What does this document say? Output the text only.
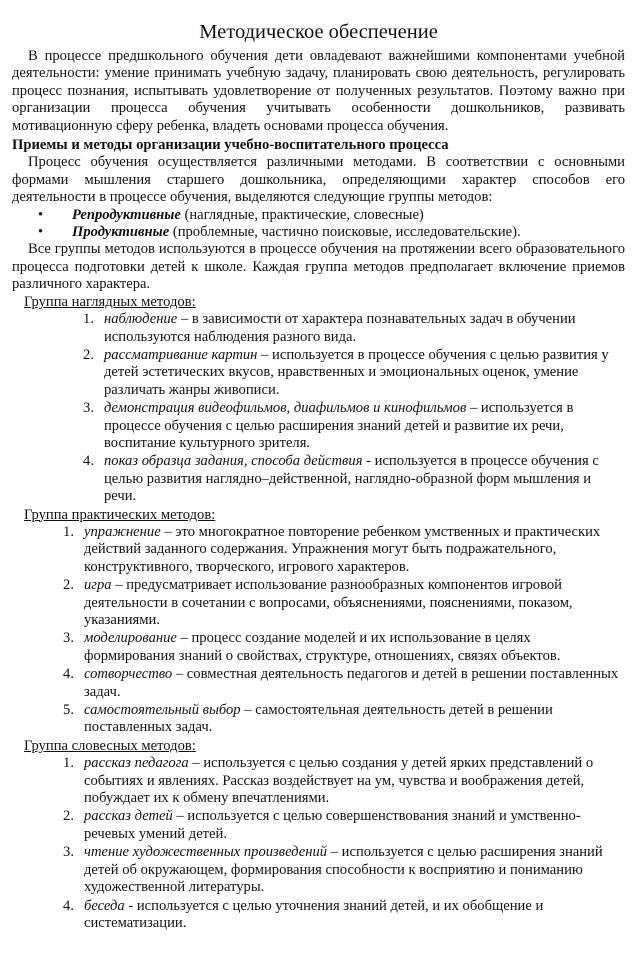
Методическое обеспечение

В процессе предшкольного обучения дети овладевают важнейшими компонентами учебной деятельности: умение принимать учебную задачу, планировать свою деятельность, регулировать процесс познания, испытывать удовлетворение от полученных результатов. Поэтому важно при организации процесса обучения учитывать особенности дошкольников, развивать мотивационную сферу ребенка, владеть основами процесса обучения.

Приемы и методы организации учебно-воспитательного процесса

Процесс обучения осуществляется различными методами. В соответствии с основными формами мышления старшего дошкольника, определяющими характер способов его деятельности в процессе обучения, выделяются следующие группы методов:

•	Репродуктивные (наглядные, практические, словесные)
•	Продуктивные (проблемные, частично поисковые, исследовательские).

Все группы методов используются в процессе обучения на протяжении всего образовательного процесса подготовки детей к школе. Каждая группа методов предполагает включение приемов различного характера.

Группа наглядных методов:
1. наблюдение – в зависимости от характера познавательных задач в обучении используются наблюдения разного вида.
2. рассматривание картин – используется в процессе обучения с целью развития у детей эстетических вкусов, нравственных и эмоциональных оценок, умение различать жанры живописи.
3. демонстрация видеофильмов, диафильмов и кинофильмов – используется в процессе обучения с целью расширения знаний детей и развитие их речи, воспитание культурного зрителя.
4. показ образца задания, способа действия - используется в процессе обучения с целью развития наглядно–действенной, наглядно-образной форм мышления и речи.
Группа практических методов:
1. упражнение – это многократное повторение ребенком умственных и практических действий заданного содержания. Упражнения могут быть подражательного, конструктивного, творческого, игрового характеров.
2. игра – предусматривает использование разнообразных компонентов игровой деятельности в сочетании с вопросами, объяснениями, пояснениями, показом, указаниями.
3. моделирование – процесс создание моделей и их использование в целях формирования знаний о свойствах, структуре, отношениях, связях объектов.
4. сотворчество – совместная деятельность педагогов и детей в решении поставленных задач.
5. самостоятельный выбор – самостоятельная деятельность детей в решении поставленных задач.
Группа словесных методов:
1. рассказ педагога – используется с целью создания у детей ярких представлений о событиях и явлениях. Рассказ воздействует на ум, чувства и воображения детей, побуждает их к обмену впечатлениями.
2. рассказ детей – используется с целью совершенствования знаний и умственно-речевых умений детей.
3. чтение художественных произведений – используется с целью расширения знаний детей об окружающем, формирования способности к восприятию и пониманию художественной литературы.
4. беседа - используется с целью уточнения знаний детей, и их обобщение и систематизации.
